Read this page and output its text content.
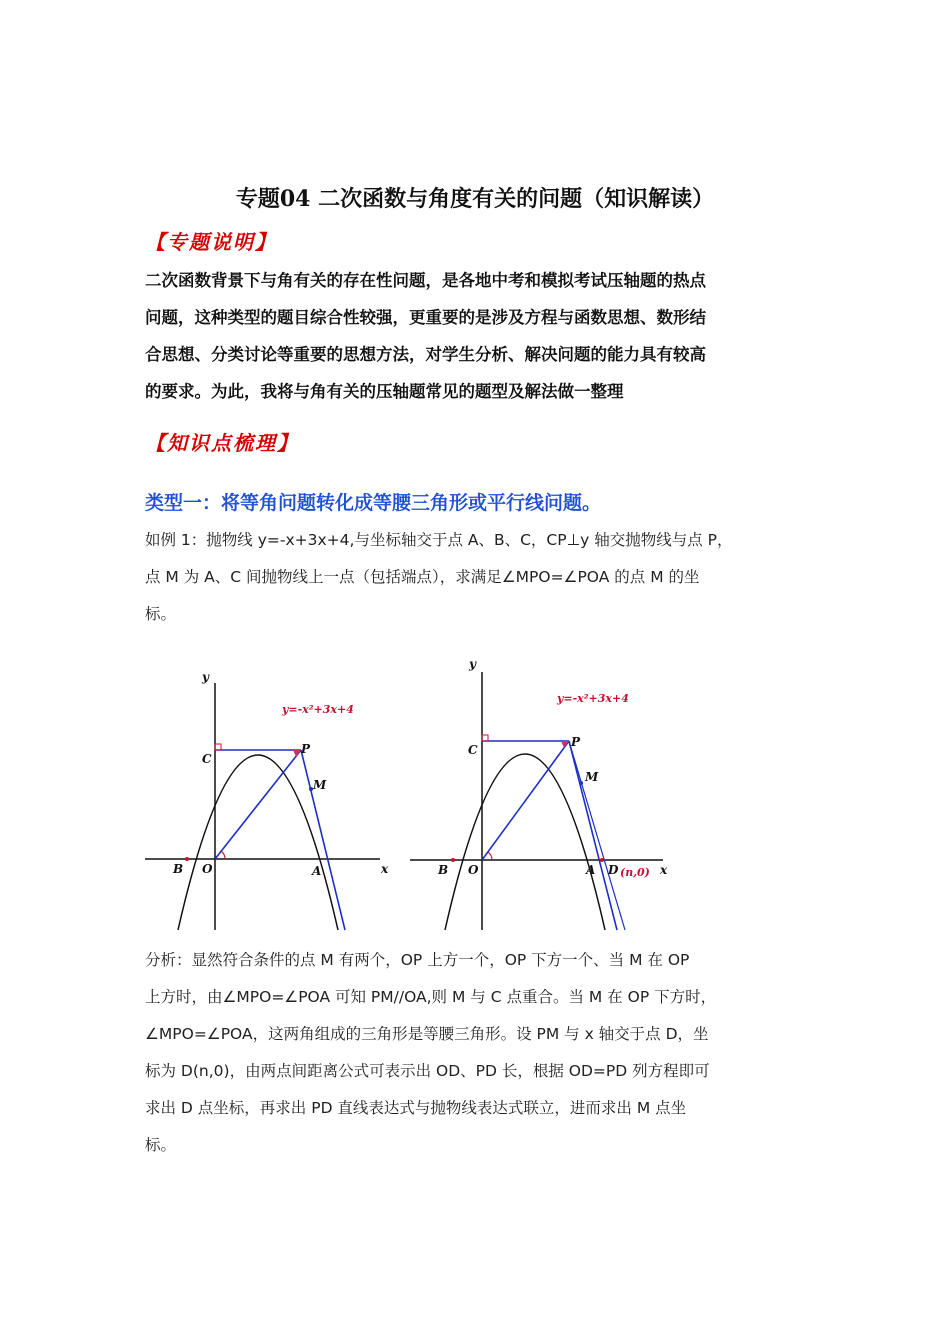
专题04 二次函数与角度有关的问题（知识解读）
【专题说明】
二次函数背景下与角有关的存在性问题，是各地中考和模拟考试压轴题的热点
问题，这种类型的题目综合性较强，更重要的是涉及方程与函数思想、数形结
合思想、分类讨论等重要的思想方法，对学生分析、解决问题的能力具有较高
的要求。为此，我将与角有关的压轴题常见的题型及解法做一整理
【知识点梳理】
类型一：将等角问题转化成等腰三角形或平行线问题。
如例 1：抛物线 y=-x+3x+4,与坐标轴交于点 A、B、C，CP⊥y 轴交抛物线与点 P，
点 M 为 A、C 间抛物线上一点（包括端点），求满足∠MPO=∠POA 的点 M 的坐
标。
y
x
C
P
M
B O	A
y=-x²+3x+4
y
x
C
P
M
B O	A D (n,0)
y=-x²+3x+4
分析：显然符合条件的点 M 有两个，OP 上方一个，OP 下方一个、当 M 在 OP
上方时，由∠MPO=∠POA 可知 PM//OA,则 M 与 C 点重合。当 M 在 OP 下方时，
∠MPO=∠POA，这两角组成的三角形是等腰三角形。设 PM 与 x 轴交于点 D，坐
标为 D(n,0)，由两点间距离公式可表示出 OD、PD 长，根据 OD=PD 列方程即可
求出 D 点坐标，再求出 PD 直线表达式与抛物线表达式联立，进而求出 M 点坐
标。
